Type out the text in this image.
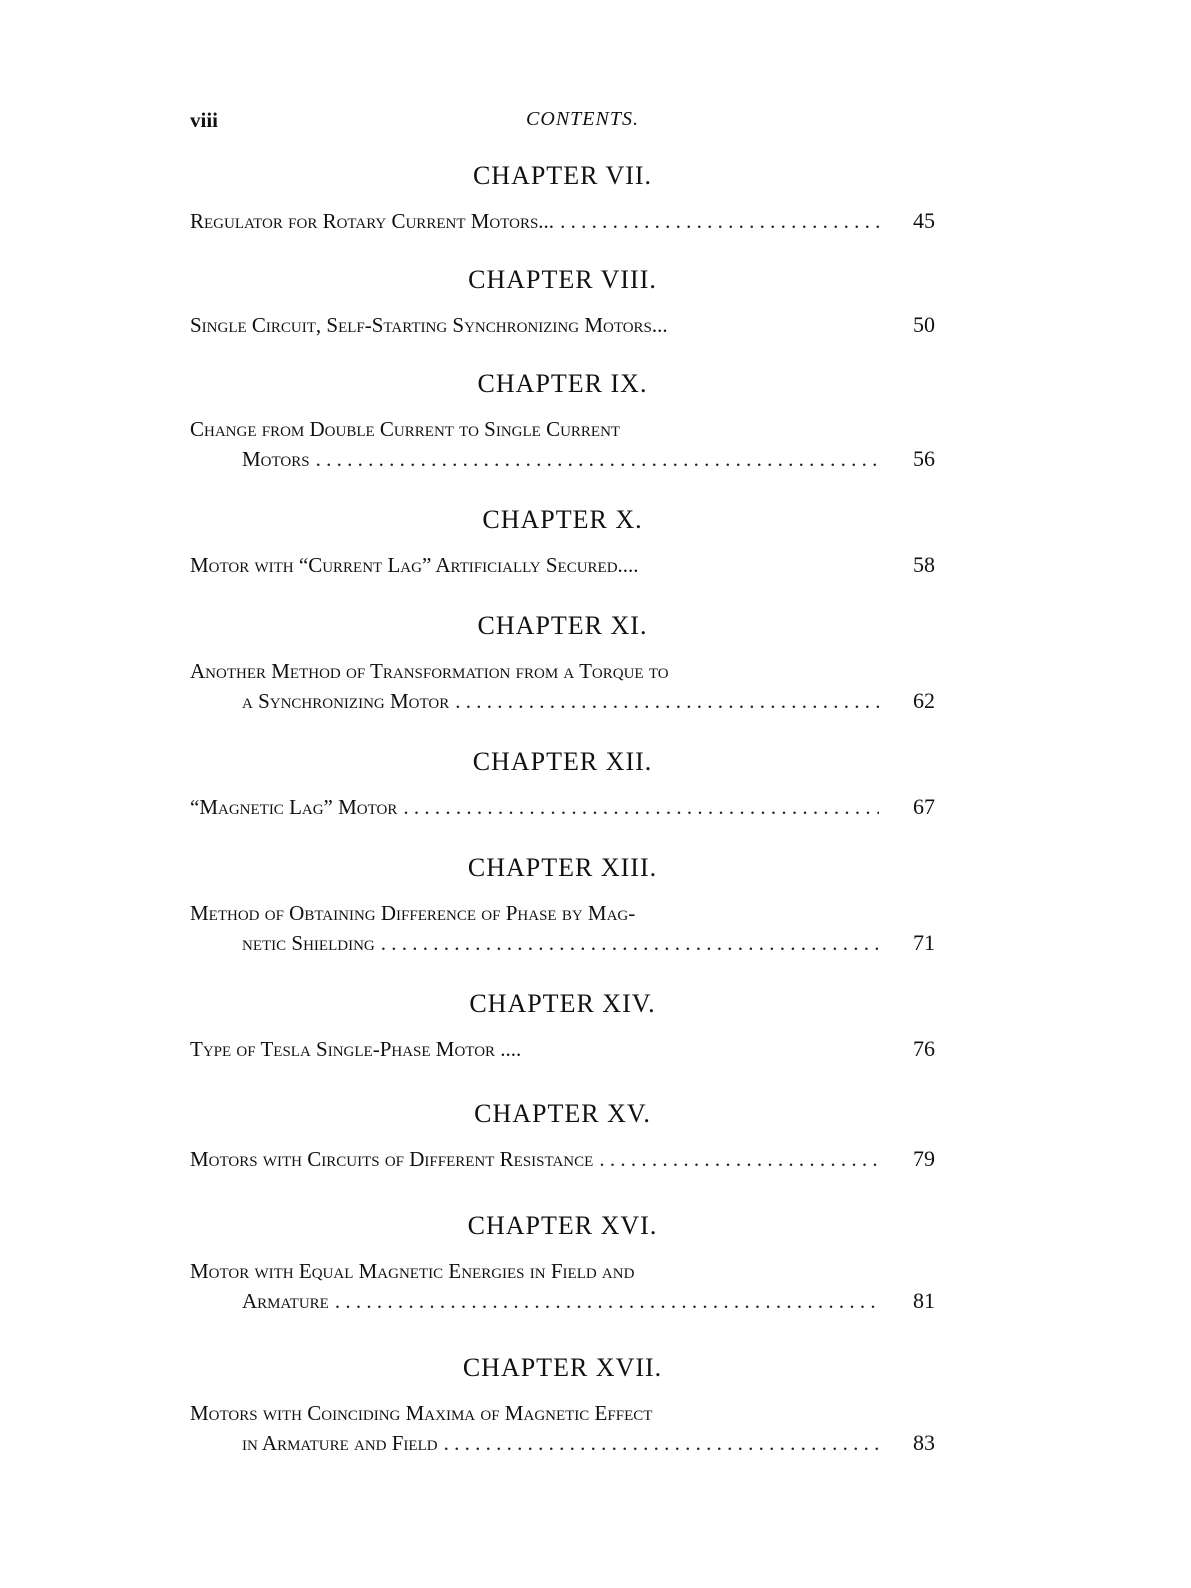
viii	CONTENTS.
CHAPTER VII.
Regulator for Rotary Current Motors... . . .	45
CHAPTER VIII.
Single Circuit, Self-Starting Synchronizing Motors...	50
CHAPTER IX.
Change from Double Current to Single Current
Motors . . .	56
CHAPTER X.
Motor with “Current Lag” Artificially Secured....	58
CHAPTER XI.
Another Method of Transformation from a Torque to
a Synchronizing Motor . . .	62
CHAPTER XII.
“Magnetic Lag” Motor . . .	67
CHAPTER XIII.
Method of Obtaining Difference of Phase by Mag-
netic Shielding . . .	71
CHAPTER XIV.
Type of Tesla Single-Phase Motor ....	76
CHAPTER XV.
Motors with Circuits of Different Resistance . . .	79
CHAPTER XVI.
Motor with Equal Magnetic Energies in Field and
Armature . . .	81
CHAPTER XVII.
Motors with Coinciding Maxima of Magnetic Effect
in Armature and Field . . .	83
